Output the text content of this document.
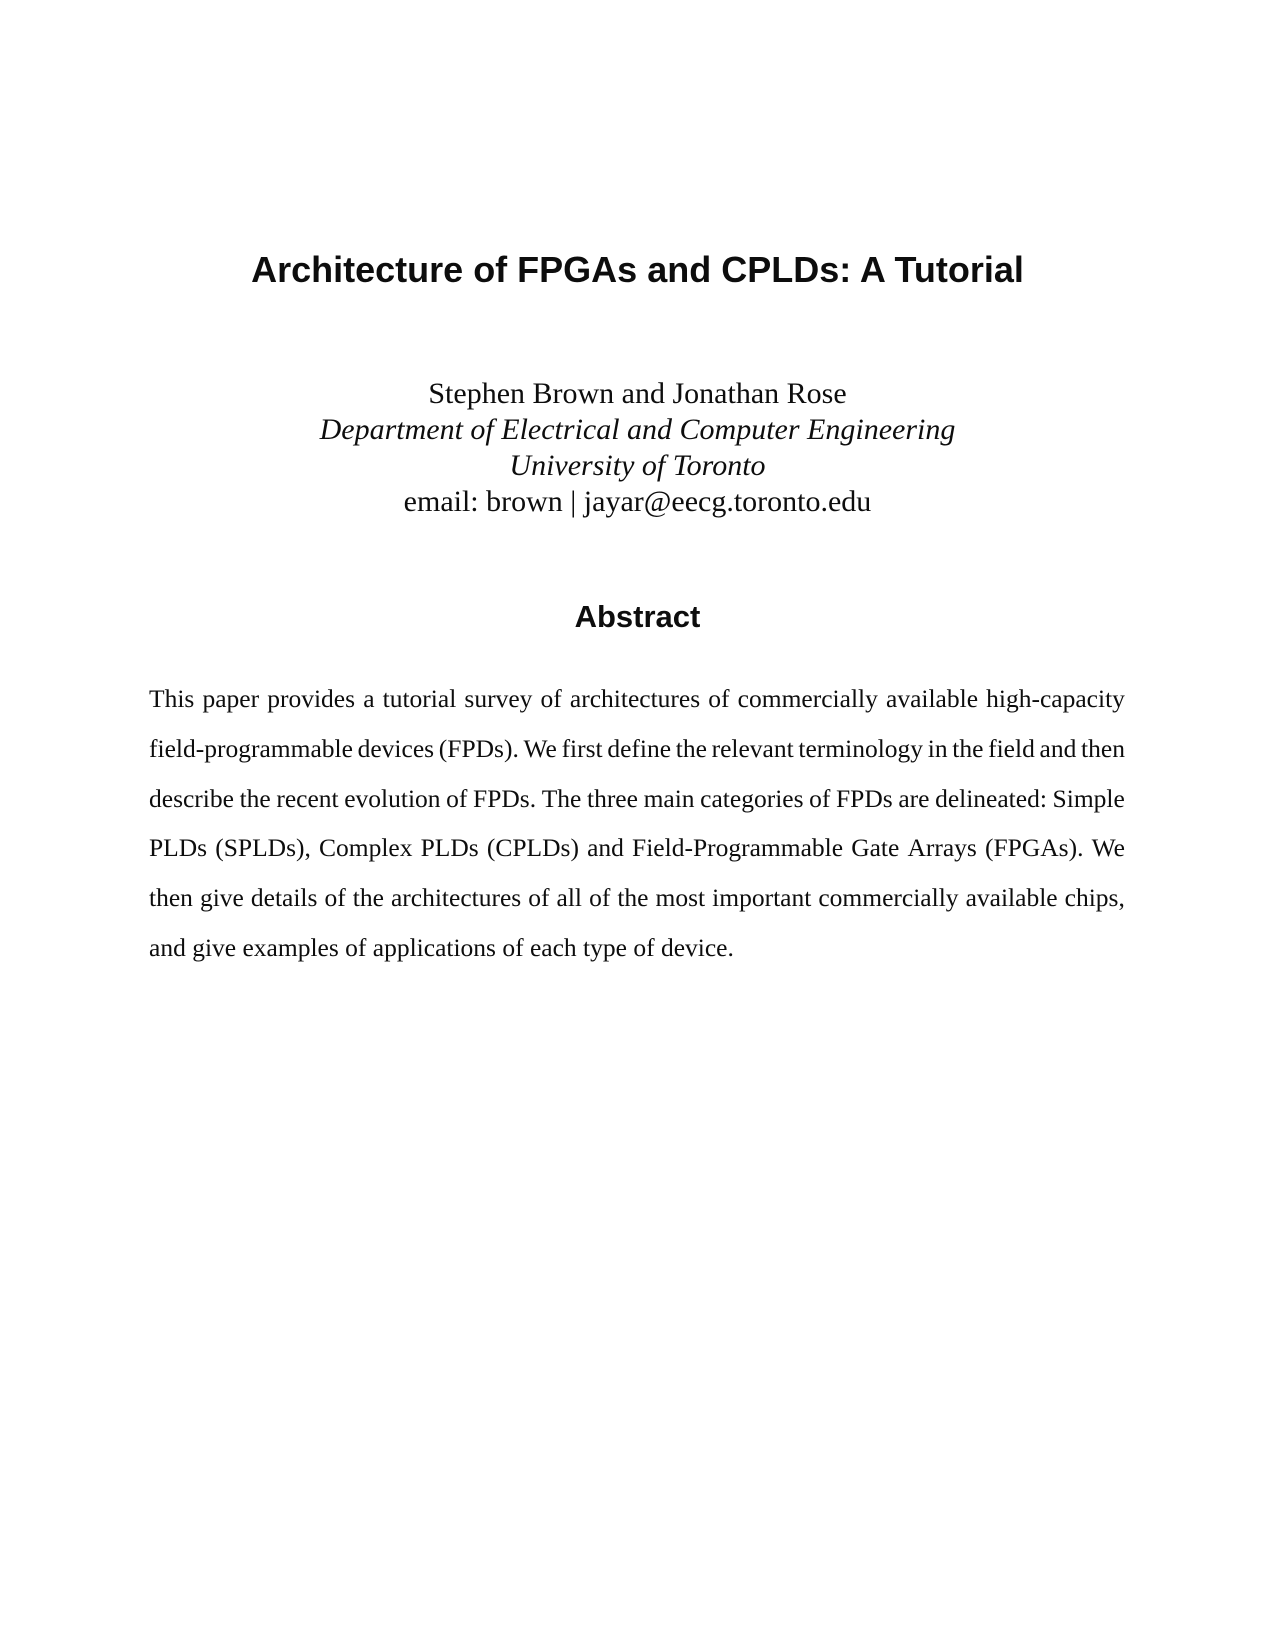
Architecture of FPGAs and CPLDs: A Tutorial
Stephen Brown and Jonathan Rose
Department of Electrical and Computer Engineering
University of Toronto
email: brown | jayar@eecg.toronto.edu
Abstract
This paper provides a tutorial survey of architectures of commercially available high-capacity
field-programmable devices (FPDs). We first define the relevant terminology in the field and then
describe the recent evolution of FPDs. The three main categories of FPDs are delineated: Simple
PLDs (SPLDs), Complex PLDs (CPLDs) and Field-Programmable Gate Arrays (FPGAs). We
then give details of the architectures of all of the most important commercially available chips,
and give examples of applications of each type of device.
